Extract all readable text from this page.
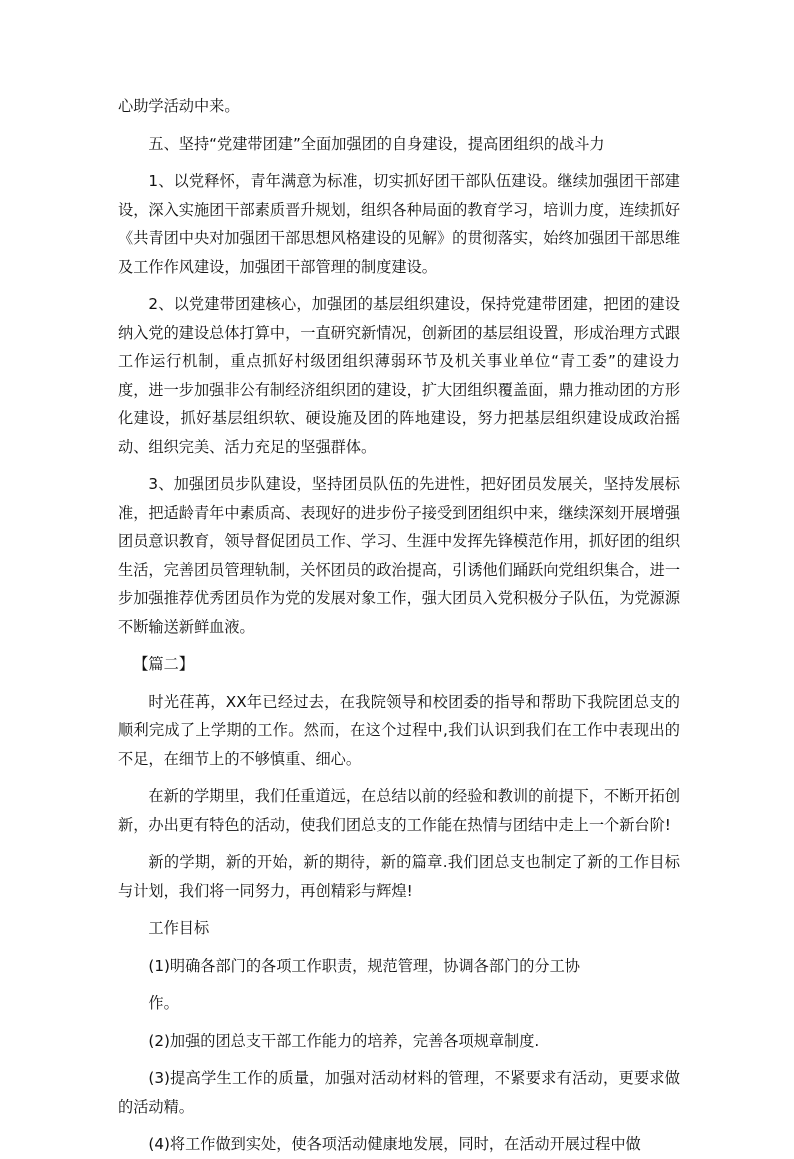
心助学活动中来。

五、坚持“党建带团建”全面加强团的自身建设，提高团组织的战斗力

1、以党释怀，青年满意为标准，切实抓好团干部队伍建设。继续加强团干部建设，深入实施团干部素质晋升规划，组织各种局面的教育学习，培训力度，连续抓好《共青团中央对加强团干部思想风格建设的见解》的贯彻落实，始终加强团干部思维及工作作风建设，加强团干部管理的制度建设。

2、以党建带团建核心，加强团的基层组织建设，保持党建带团建，把团的建设纳入党的建设总体打算中，一直研究新情况，创新团的基层组设置，形成治理方式跟工作运行机制，重点抓好村级团组织薄弱环节及机关事业单位“青工委”的建设力度，进一步加强非公有制经济组织团的建设，扩大团组织覆盖面，鼎力推动团的方形化建设，抓好基层组织软、硬设施及团的阵地建设，努力把基层组织建设成政治摇动、组织完美、活力充足的坚强群体。

3、加强团员步队建设，坚持团员队伍的先进性，把好团员发展关，坚持发展标准，把适龄青年中素质高、表现好的进步份子接受到团组织中来，继续深刻开展增强团员意识教育，领导督促团员工作、学习、生涯中发挥先锋模范作用，抓好团的组织生活，完善团员管理轨制，关怀团员的政治提高，引诱他们踊跃向党组织集合，进一步加强推荐优秀团员作为党的发展对象工作，强大团员入党积极分子队伍，为党源源不断输送新鲜血液。

【篇二】

时光荏苒，XX年已经过去，在我院领导和校团委的指导和帮助下我院团总支的顺利完成了上学期的工作。然而，在这个过程中,我们认识到我们在工作中表现出的不足，在细节上的不够慎重、细心。

在新的学期里，我们任重道远，在总结以前的经验和教训的前提下，不断开拓创新，办出更有特色的活动，使我们团总支的工作能在热情与团结中走上一个新台阶!

新的学期，新的开始，新的期待，新的篇章.我们团总支也制定了新的工作目标与计划，我们将一同努力，再创精彩与辉煌!

工作目标

(1)明确各部门的各项工作职责，规范管理，协调各部门的分工协

作。

(2)加强的团总支干部工作能力的培养，完善各项规章制度.

(3)提高学生工作的质量，加强对活动材料的管理，不紧要求有活动，更要求做的活动精。

(4)将工作做到实处，使各项活动健康地发展，同时，在活动开展过程中做
